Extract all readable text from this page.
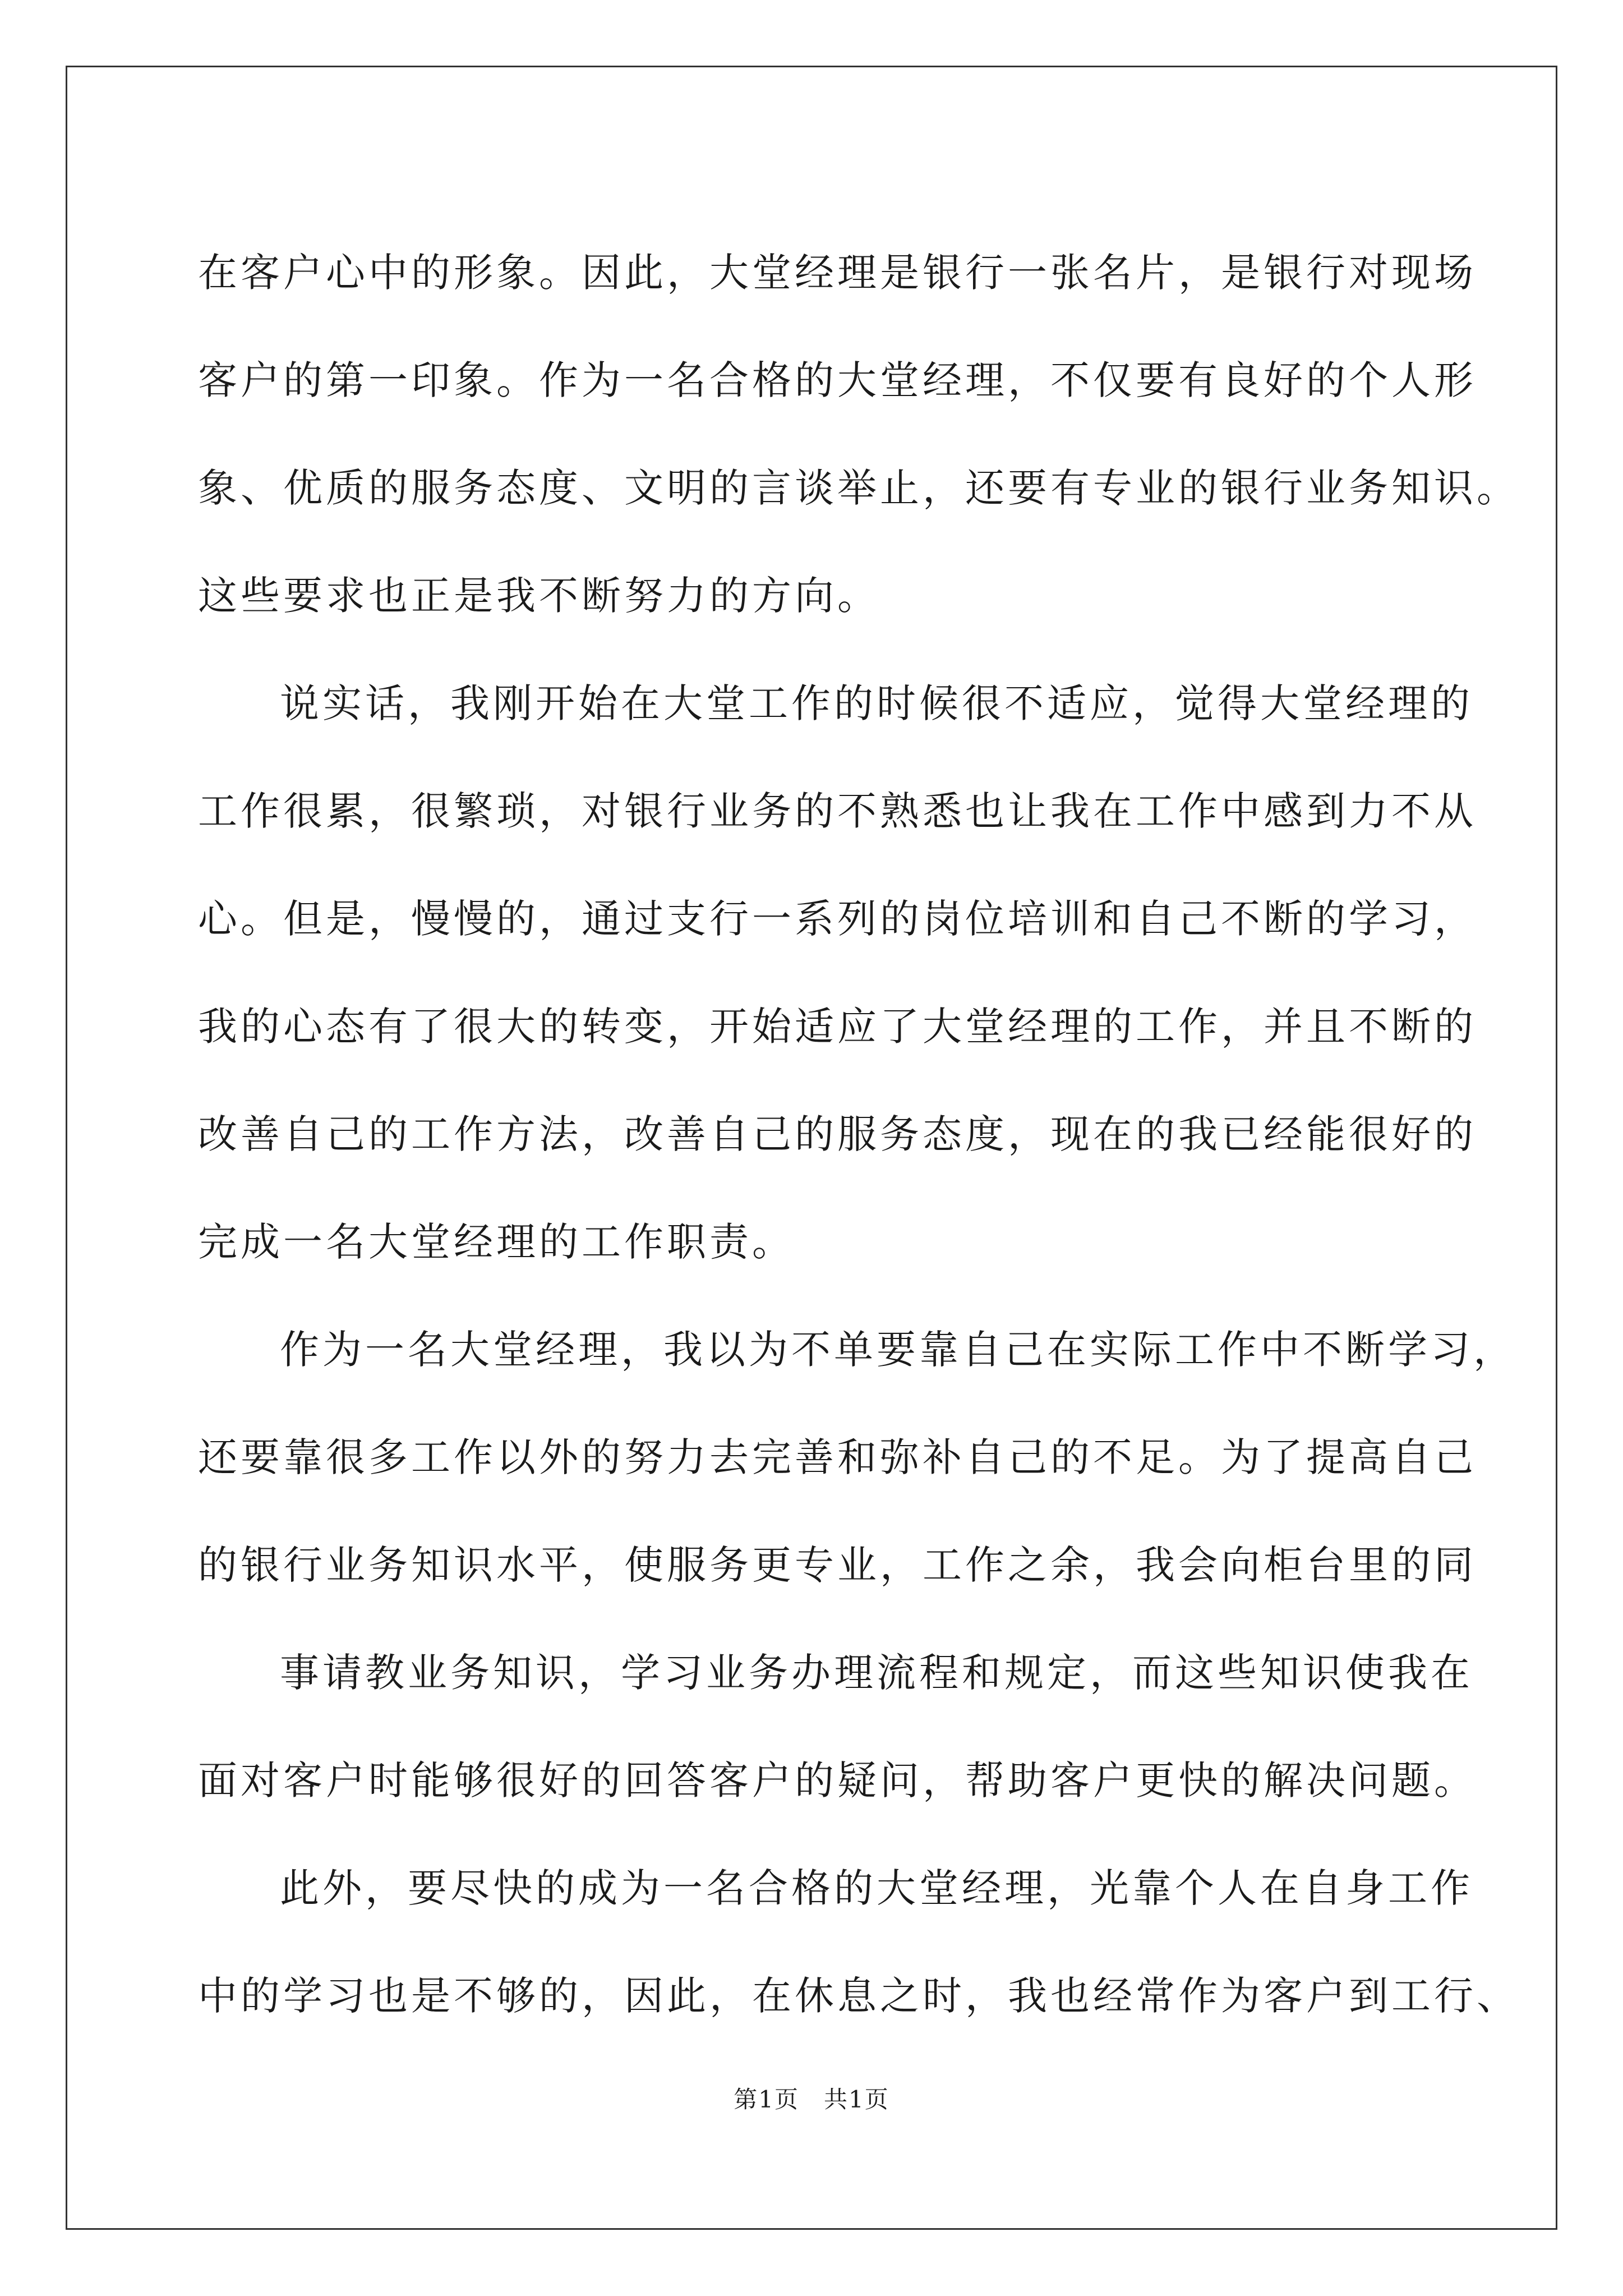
在客户心中的形象。因此，大堂经理是银行一张名片，是银行对现场
客户的第一印象。作为一名合格的大堂经理，不仅要有良好的个人形
象、优质的服务态度、文明的言谈举止，还要有专业的银行业务知识。
这些要求也正是我不断努力的方向。
说实话，我刚开始在大堂工作的时候很不适应，觉得大堂经理的
工作很累，很繁琐，对银行业务的不熟悉也让我在工作中感到力不从
心。但是，慢慢的，通过支行一系列的岗位培训和自己不断的学习，
我的心态有了很大的转变，开始适应了大堂经理的工作，并且不断的
改善自己的工作方法，改善自己的服务态度，现在的我已经能很好的
完成一名大堂经理的工作职责。
作为一名大堂经理，我以为不单要靠自己在实际工作中不断学习，
还要靠很多工作以外的努力去完善和弥补自己的不足。为了提高自己
的银行业务知识水平，使服务更专业，工作之余，我会向柜台里的同
事请教业务知识，学习业务办理流程和规定，而这些知识使我在
面对客户时能够很好的回答客户的疑问，帮助客户更快的解决问题。
此外，要尽快的成为一名合格的大堂经理，光靠个人在自身工作
中的学习也是不够的，因此，在休息之时，我也经常作为客户到工行、
第1页　共1页
